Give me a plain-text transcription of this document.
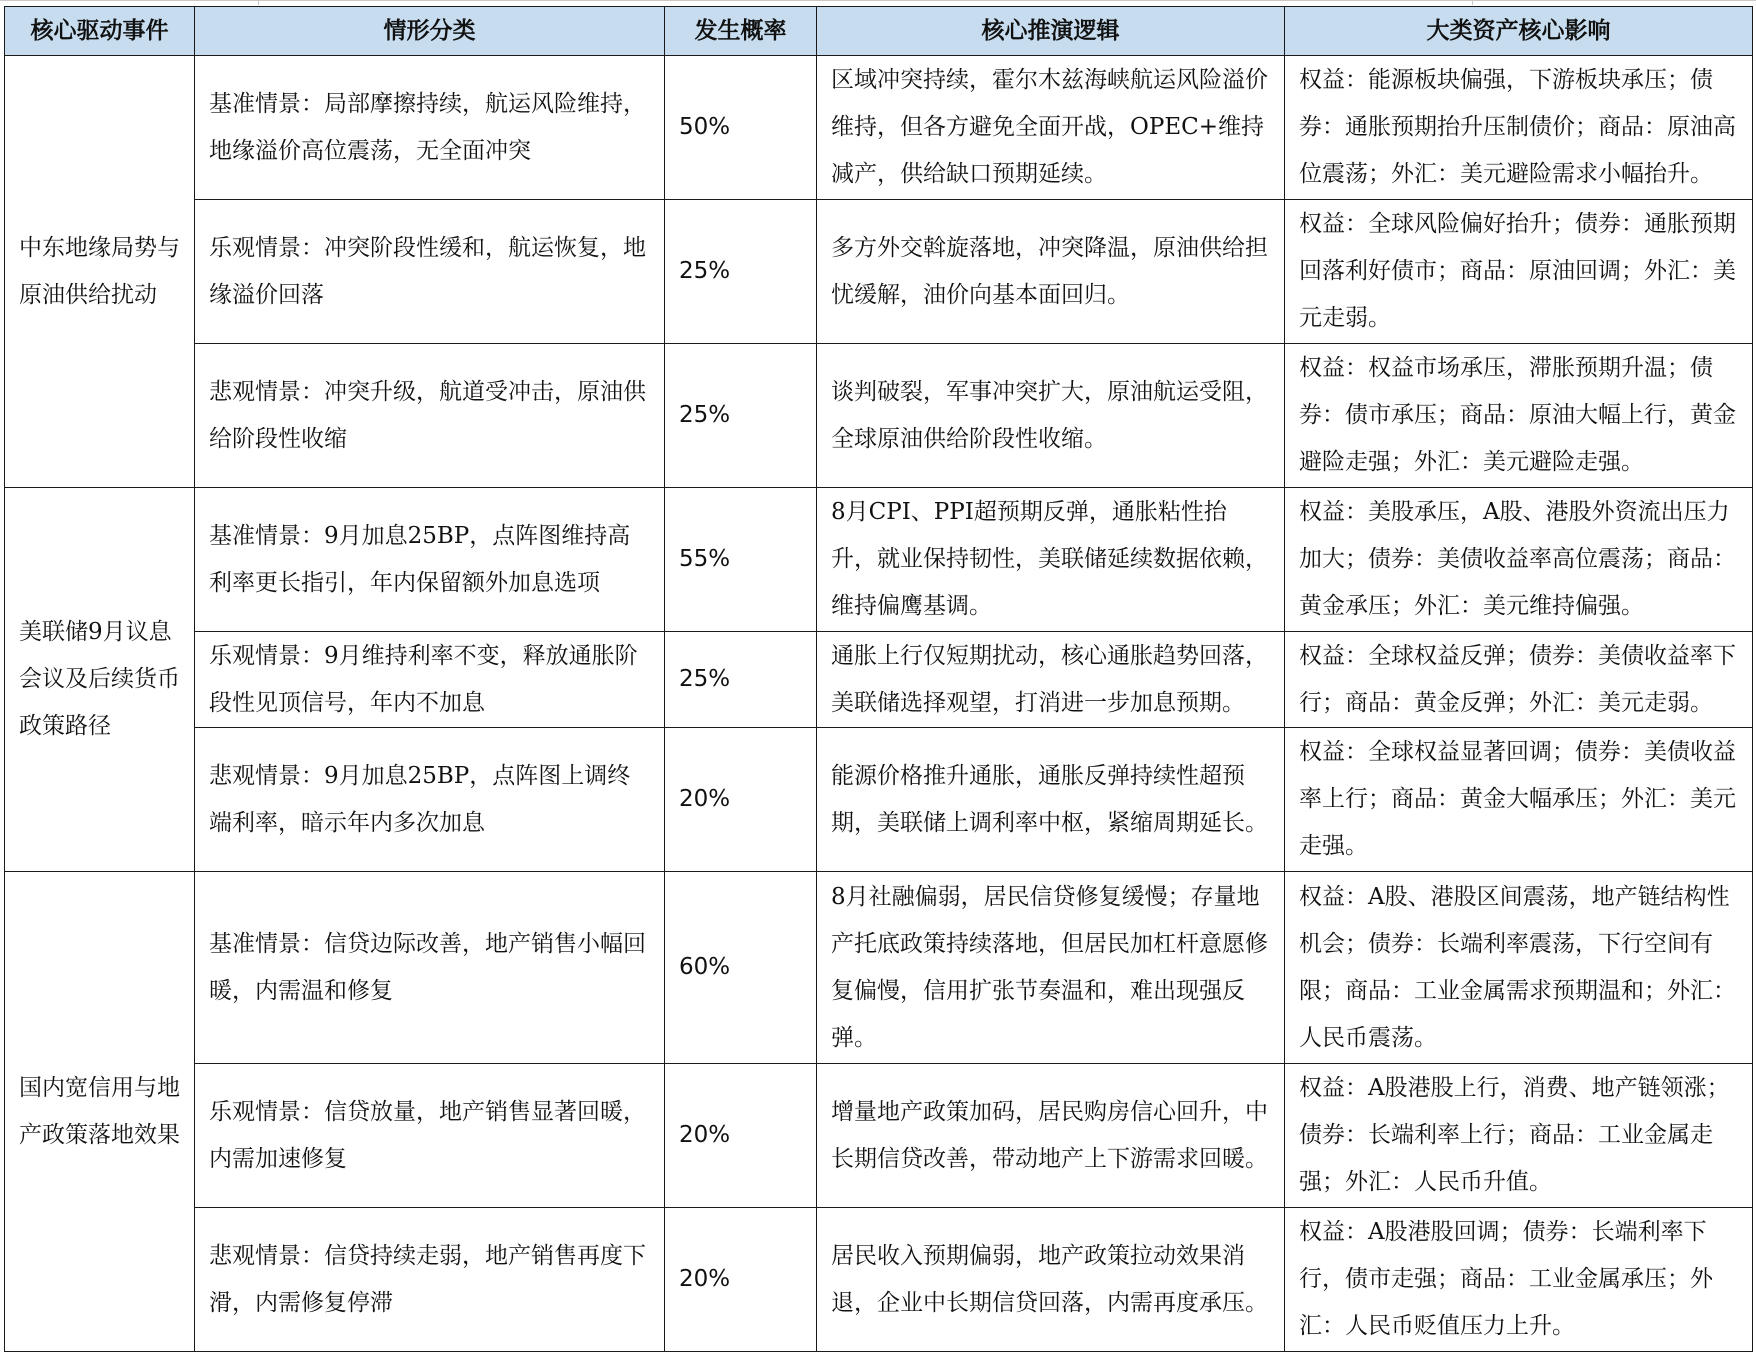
核心驱动事件	情形分类	发生概率	核心推演逻辑	大类资产核心影响
中东地缘局势与原油供给扰动	基准情景：局部摩擦持续，航运风险维持，地缘溢价高位震荡，无全面冲突	50%	区域冲突持续，霍尔木兹海峡航运风险溢价维持，但各方避免全面开战，OPEC+维持减产，供给缺口预期延续。	权益：能源板块偏强，下游板块承压；债券：通胀预期抬升压制债价；商品：原油高位震荡；外汇：美元避险需求小幅抬升。
	乐观情景：冲突阶段性缓和，航运恢复，地缘溢价回落	25%	多方外交斡旋落地，冲突降温，原油供给担忧缓解，油价向基本面回归。	权益：全球风险偏好抬升；债券：通胀预期回落利好债市；商品：原油回调；外汇：美元走弱。
	悲观情景：冲突升级，航道受冲击，原油供给阶段性收缩	25%	谈判破裂，军事冲突扩大，原油航运受阻，全球原油供给阶段性收缩。	权益：权益市场承压，滞胀预期升温；债券：债市承压；商品：原油大幅上行，黄金避险走强；外汇：美元避险走强。
美联储9月议息会议及后续货币政策路径	基准情景：9月加息25BP，点阵图维持高利率更长指引，年内保留额外加息选项	55%	8月CPI、PPI超预期反弹，通胀粘性抬升，就业保持韧性，美联储延续数据依赖，维持偏鹰基调。	权益：美股承压，A股、港股外资流出压力加大；债券：美债收益率高位震荡；商品：黄金承压；外汇：美元维持偏强。
	乐观情景：9月维持利率不变，释放通胀阶段性见顶信号，年内不加息	25%	通胀上行仅短期扰动，核心通胀趋势回落，美联储选择观望，打消进一步加息预期。	权益：全球权益反弹；债券：美债收益率下行；商品：黄金反弹；外汇：美元走弱。
	悲观情景：9月加息25BP，点阵图上调终端利率，暗示年内多次加息	20%	能源价格推升通胀，通胀反弹持续性超预期，美联储上调利率中枢，紧缩周期延长。	权益：全球权益显著回调；债券：美债收益率上行；商品：黄金大幅承压；外汇：美元走强。
国内宽信用与地产政策落地效果	基准情景：信贷边际改善，地产销售小幅回暖，内需温和修复	60%	8月社融偏弱，居民信贷修复缓慢；存量地产托底政策持续落地，但居民加杠杆意愿修复偏慢，信用扩张节奏温和，难出现强反弹。	权益：A股、港股区间震荡，地产链结构性机会；债券：长端利率震荡，下行空间有限；商品：工业金属需求预期温和；外汇：人民币震荡。
	乐观情景：信贷放量，地产销售显著回暖，内需加速修复	20%	增量地产政策加码，居民购房信心回升，中长期信贷改善，带动地产上下游需求回暖。	权益：A股港股上行，消费、地产链领涨；债券：长端利率上行；商品：工业金属走强；外汇：人民币升值。
	悲观情景：信贷持续走弱，地产销售再度下滑，内需修复停滞	20%	居民收入预期偏弱，地产政策拉动效果消退，企业中长期信贷回落，内需再度承压。	权益：A股港股回调；债券：长端利率下行，债市走强；商品：工业金属承压；外汇：人民币贬值压力上升。
